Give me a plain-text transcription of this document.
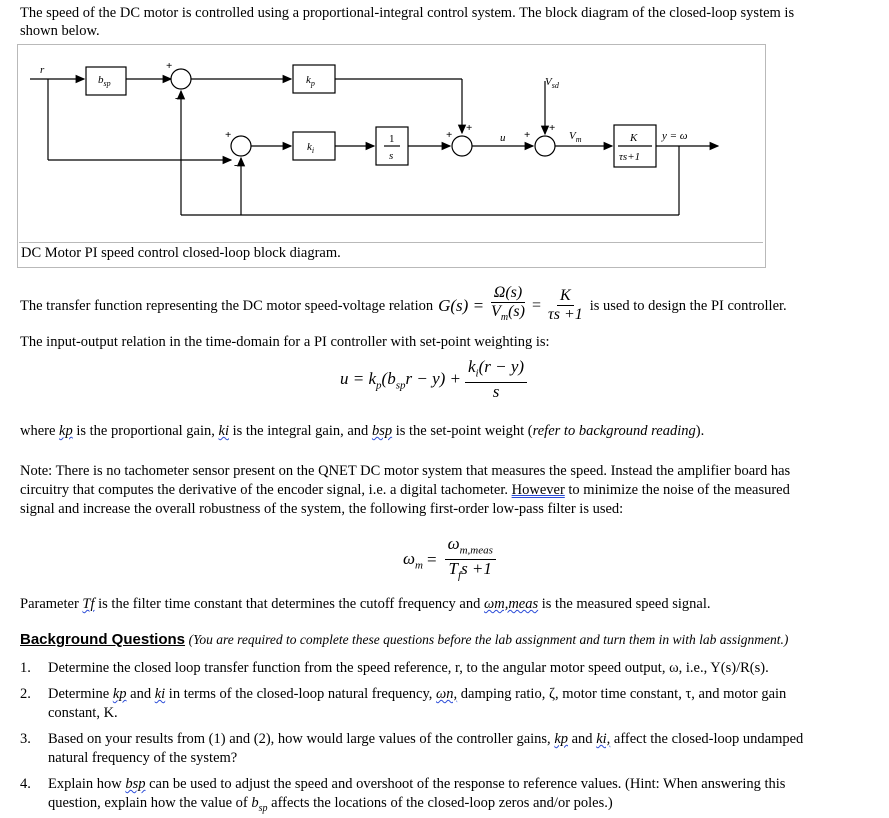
The speed of the DC motor is controlled using a proportional-integral control system. The block diagram of the closed-loop system is
shown below.
r
$b_{sp}$
+
-
$k_p$
+
-
$k_i$
1
s
+
+
u +
+
$V_{sd}$
$V_m$	K
τs+1
y = ω
DC Motor PI speed control closed-loop block diagram.
The transfer function representing the DC motor speed-voltage relation $G(s) = \frac{\Omega(s)}{V_m(s)} = \frac{K}{\tau s +1}$ is used to design the PI controller.
The input-output relation in the time-domain for a PI controller with set-point weighting is:
$u = k_p$ $(b_{sp}r - y) + \frac{k_i(r - y)}{s}$
where kp is the proportional gain, ki is the integral gain, and bsp is the set-point weight (refer to background reading).
Note: There is no tachometer sensor present on the QNET DC motor system that measures the speed. Instead the amplifier board has
circuitry that computes the derivative of the encoder signal, i.e. a digital tachometer. However to minimize the noise of the measured
signal and increase the overall robustness of the system, the following first-order low-pass filter is used:
$\omega_m = \frac{\omega_{m,meas}}{T_fs +1}$
Parameter Tf is the filter time constant that determines the cutoff frequency and ωm,meas is the measured speed signal.
Background Questions (You are required to complete these questions before the lab assignment and turn them in with lab assignment.)
1. Determine the closed loop transfer function from the speed reference, r, to the angular motor speed output, ω, i.e., Y(s)/R(s).
2. Determine kp and ki in terms of the closed-loop natural frequency, ωn, damping ratio, ζ, motor time constant, τ, and motor gain
constant, K.
3. Based on your results from (1) and (2), how would large values of the controller gains, kp and ki, affect the closed-loop undamped
natural frequency of the system?
4. Explain how bsp can be used to adjust the speed and overshoot of the response to reference values. (Hint: When answering this
question, explain how the value of $b_{sp}$ affects the locations of the closed-loop zeros and/or poles.)
